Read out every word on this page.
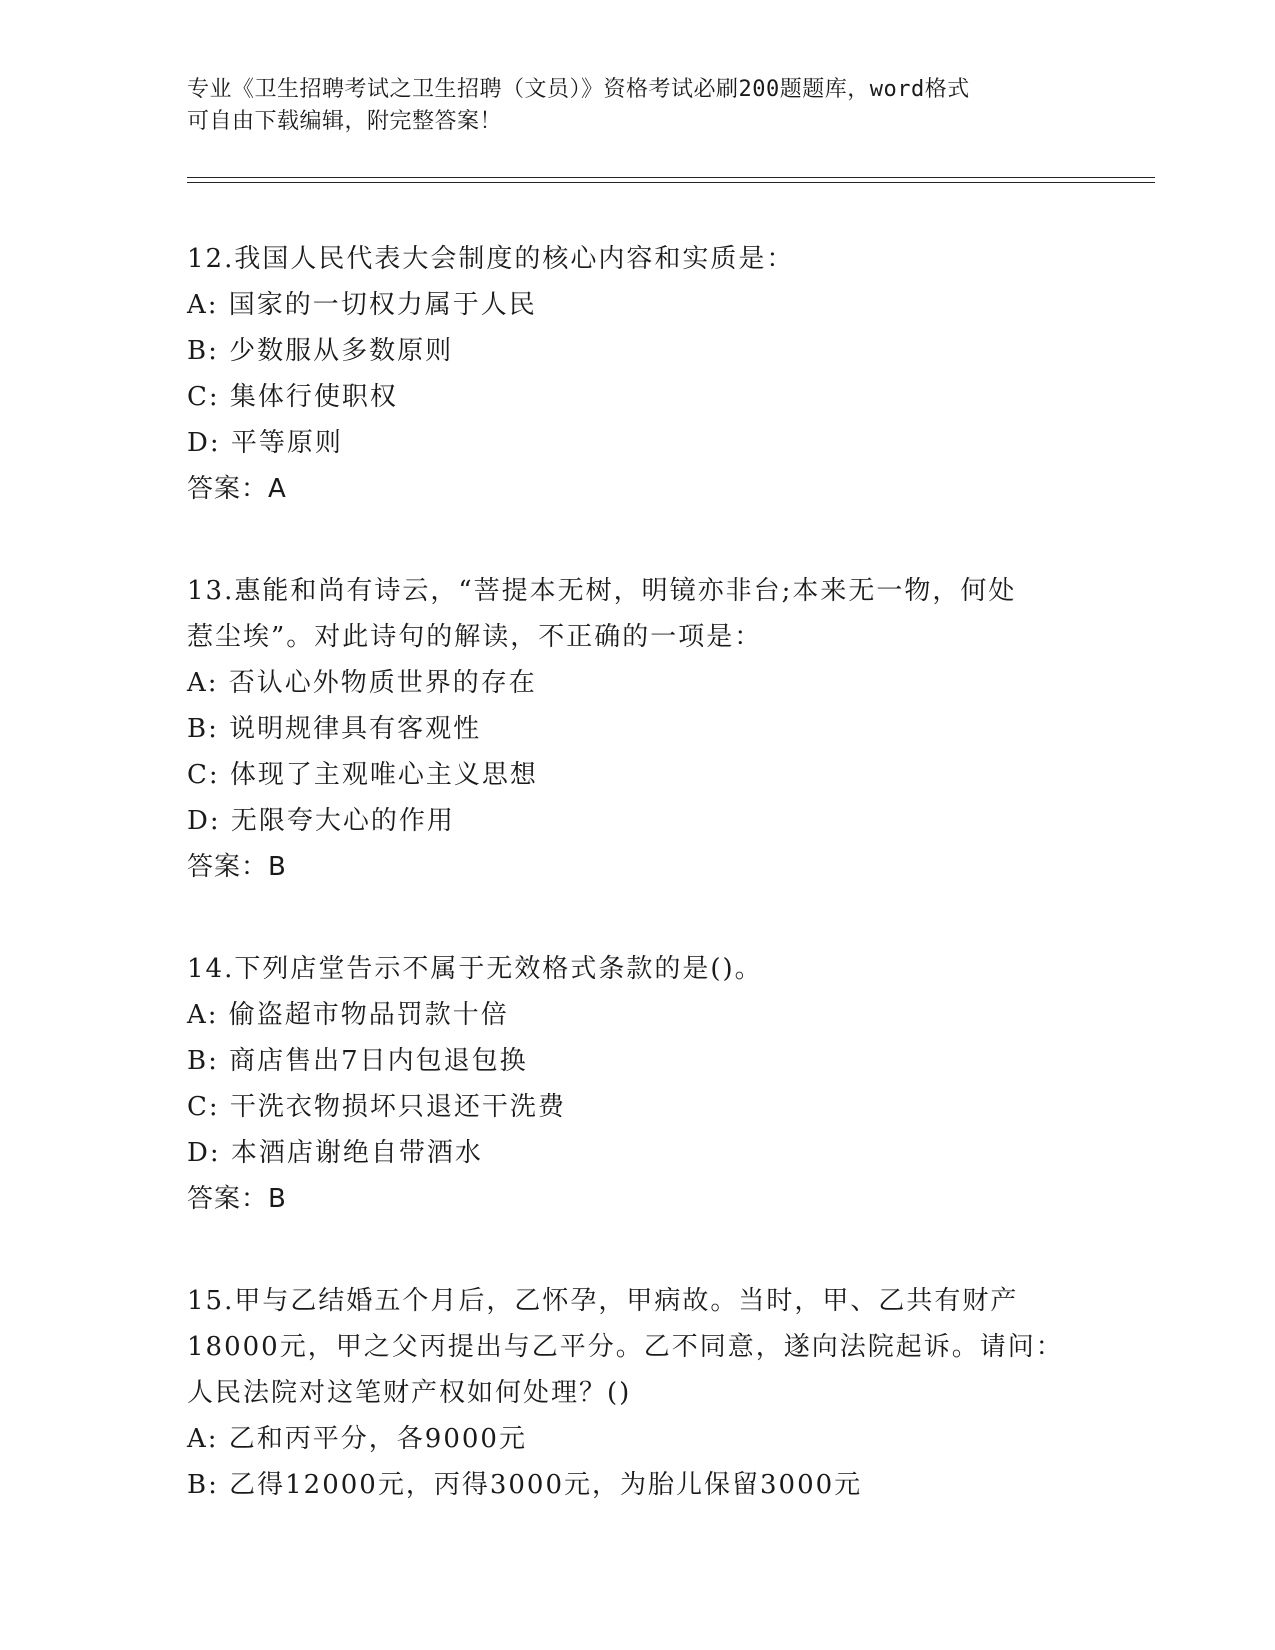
专业《卫生招聘考试之卫生招聘（文员）》资格考试必刷200题题库，word格式

可自由下载编辑，附完整答案！

12.我国人民代表大会制度的核心内容和实质是：
A: 国家的一切权力属于人民
B: 少数服从多数原则
C: 集体行使职权
D: 平等原则
答案：A
13.惠能和尚有诗云，“菩提本无树，明镜亦非台;本来无一物，何处
惹尘埃”。对此诗句的解读，不正确的一项是：
A: 否认心外物质世界的存在
B: 说明规律具有客观性
C: 体现了主观唯心主义思想
D: 无限夸大心的作用
答案：B
14.下列店堂告示不属于无效格式条款的是()。
A: 偷盗超市物品罚款十倍
B: 商店售出7日内包退包换
C: 干洗衣物损坏只退还干洗费
D: 本酒店谢绝自带酒水
答案：B
15.甲与乙结婚五个月后，乙怀孕，甲病故。当时，甲、乙共有财产
18000元，甲之父丙提出与乙平分。乙不同意，遂向法院起诉。请问：
人民法院对这笔财产权如何处理？()
A: 乙和丙平分，各9000元
B: 乙得12000元，丙得3000元，为胎儿保留3000元
